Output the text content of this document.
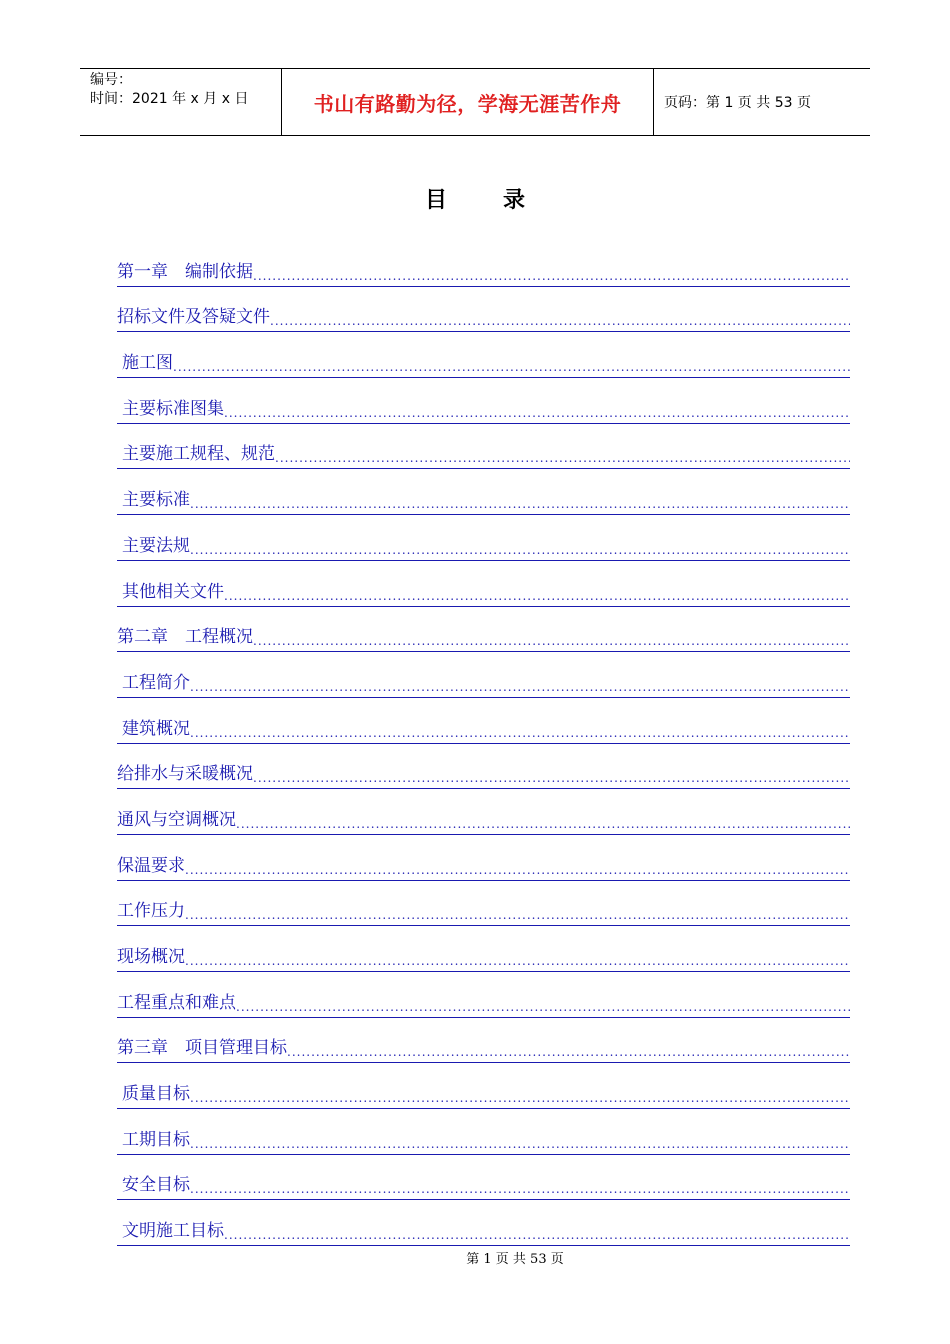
编号：
时间：2021 年 x 月 x 日	书山有路勤为径，学海无涯苦作舟	页码：第 1 页 共 53 页
目	录
第一章　编制依据
.....
招标文件及答疑文件
.....
施工图
.....
主要标准图集
.....
主要施工规程、规范
.....
主要标准
.....
主要法规
.....
其他相关文件
.....
第二章　工程概况
.....
工程简介
.....
建筑概况
.....
给排水与采暖概况
.....
通风与空调概况
.....
保温要求
.....
工作压力
.....
现场概况
.....
工程重点和难点
.....
第三章　项目管理目标
.....
质量目标
.....
工期目标
.....
安全目标
.....
文明施工目标
.....
第 1 页 共 53 页
